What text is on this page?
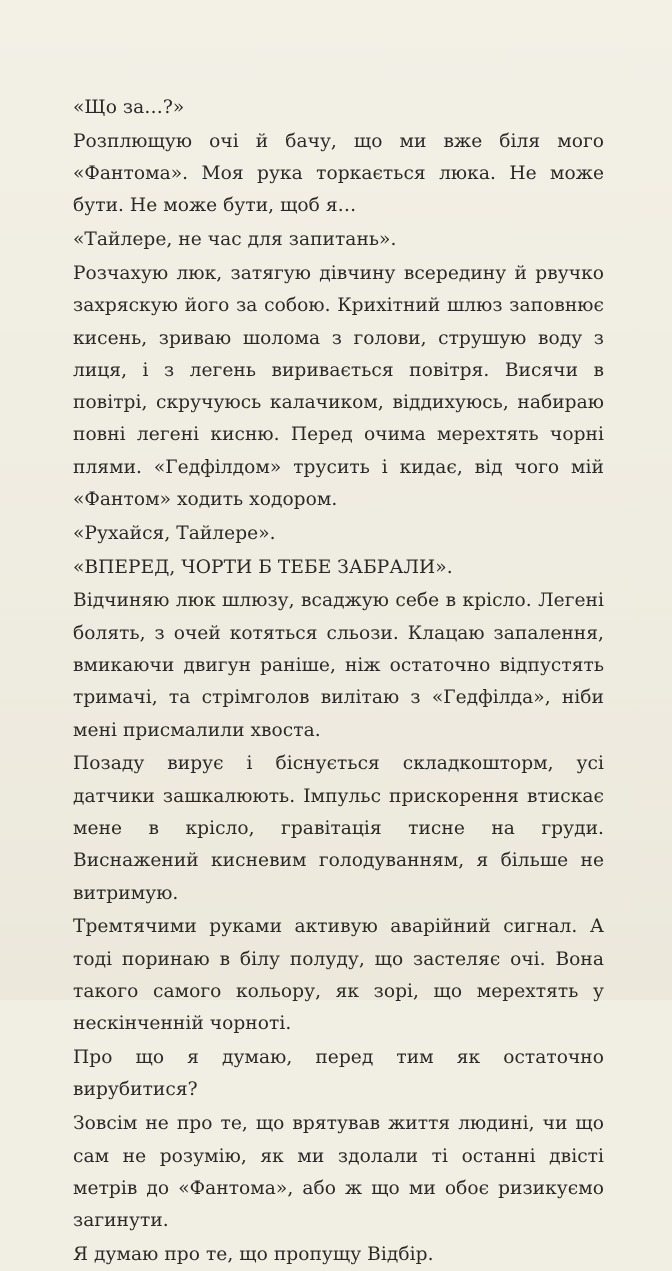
«Що за…?»

Розплющую очі й бачу, що ми вже біля мого «Фантома». Моя рука торкається люка. Не може бути. Не може бути, щоб я…

«Тайлере, не час для запитань».

Розчахую люк, затягую дівчину всередину й рвучко захряскую його за собою. Крихітний шлюз заповнює кисень, зриваю шолома з голови, струшую воду з лиця, і з легень виривається повітря. Висячи в повітрі, скручуюсь калачиком, віддихуюсь, набираю повні легені кисню. Перед очима мерехтять чорні плями. «Гедфілдом» трусить і кидає, від чого мій «Фантом» ходить ходором.

«Рухайся, Тайлере».

«ВПЕРЕД, ЧОРТИ Б ТЕБЕ ЗАБРАЛИ».

Відчиняю люк шлюзу, всаджую себе в крісло. Легені болять, з очей котяться сльози. Клацаю запалення, вмикаючи двигун раніше, ніж остаточно відпустять тримачі, та стрімголов вилітаю з «Гедфілда», ніби мені присмалили хвоста.

Позаду вирує і біснується складкошторм, усі датчики зашкалюють. Імпульс прискорення втискає мене в крісло, гравітація тисне на груди. Виснажений кисневим голодуванням, я більше не витримую.

Тремтячими руками активую аварійний сигнал. А тоді поринаю в білу полуду, що застеляє очі. Вона такого самого кольору, як зорі, що мерехтять у нескінченній чорноті.

Про що я думаю, перед тим як остаточно вирубитися?

Зовсім не про те, що врятував життя людині, чи що сам не розумію, як ми здолали ті останні двісті метрів до «Фантома», або ж що ми обоє ризикуємо загинути.

Я думаю про те, що пропущу Відбір.
